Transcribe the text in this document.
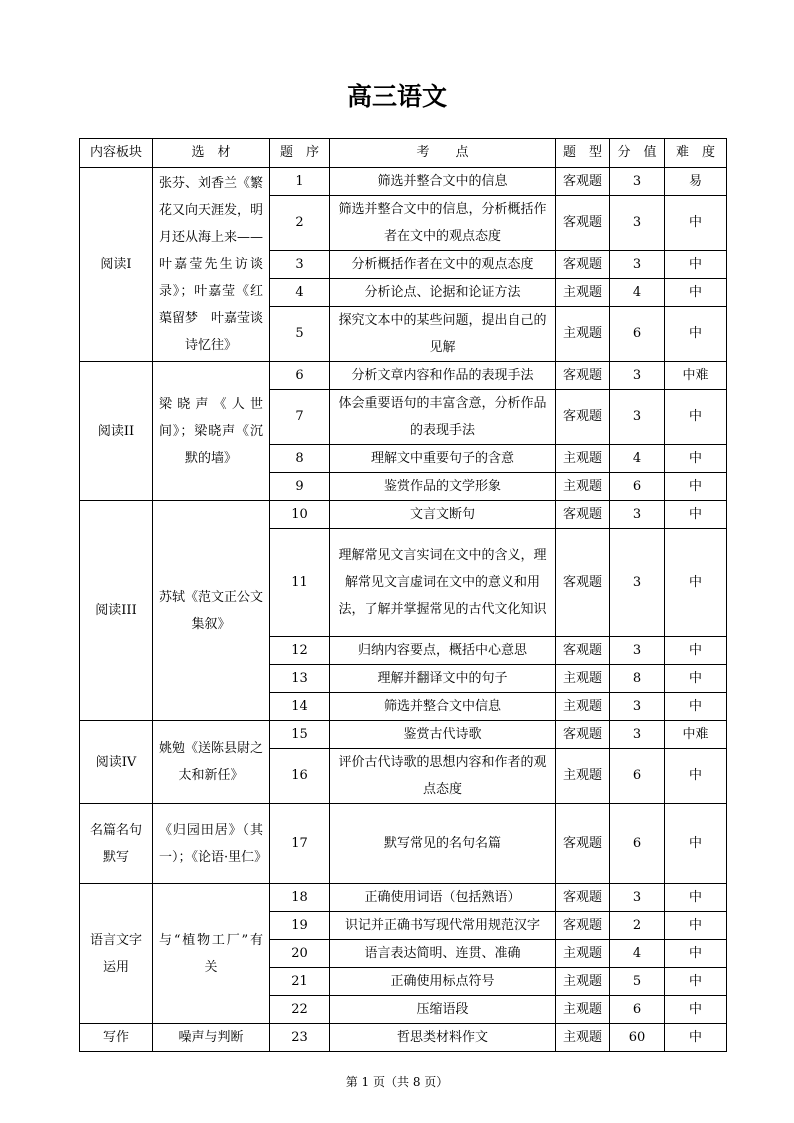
高三语文
内容板块	选　材	题　序	考　　点	题　型	分　值	难　度
阅读I	张芬、刘香兰《繁花又向天涯发，明月还从海上来——叶嘉莹先生访谈录》；叶嘉莹《红蕖留梦　叶嘉莹谈诗忆往》	1	筛选并整合文中的信息	客观题	3	易
		2	筛选并整合文中的信息，分析概括作者在文中的观点态度	客观题	3	中
		3	分析概括作者在文中的观点态度	客观题	3	中
		4	分析论点、论据和论证方法	主观题	4	中
		5	探究文本中的某些问题，提出自己的见解	主观题	6	中
阅读II	梁晓声《人世间》；梁晓声《沉默的墙》	6	分析文章内容和作品的表现手法	客观题	3	中难
		7	体会重要语句的丰富含意，分析作品的表现手法	客观题	3	中
		8	理解文中重要句子的含意	主观题	4	中
		9	鉴赏作品的文学形象	主观题	6	中
阅读III	苏轼《范文正公文集叙》	10	文言文断句	客观题	3	中
		11	理解常见文言实词在文中的含义，理解常见文言虚词在文中的意义和用法，了解并掌握常见的古代文化知识	客观题	3	中
		12	归纳内容要点，概括中心意思	客观题	3	中
		13	理解并翻译文中的句子	主观题	8	中
		14	筛选并整合文中信息	主观题	3	中
阅读IV	姚勉《送陈县尉之太和新任》	15	鉴赏古代诗歌	客观题	3	中难
		16	评价古代诗歌的思想内容和作者的观点态度	主观题	6	中
名篇名句默写	《归园田居》（其一）；《论语·里仁》	17	默写常见的名句名篇	客观题	6	中
语言文字运用	与“植物工厂”有关	18	正确使用词语（包括熟语）	客观题	3	中
		19	识记并正确书写现代常用规范汉字	客观题	2	中
		20	语言表达简明、连贯、准确	主观题	4	中
		21	正确使用标点符号	主观题	5	中
		22	压缩语段	主观题	6	中
写作	噪声与判断	23	哲思类材料作文	主观题	60	中
第 1 页（共 8 页）
